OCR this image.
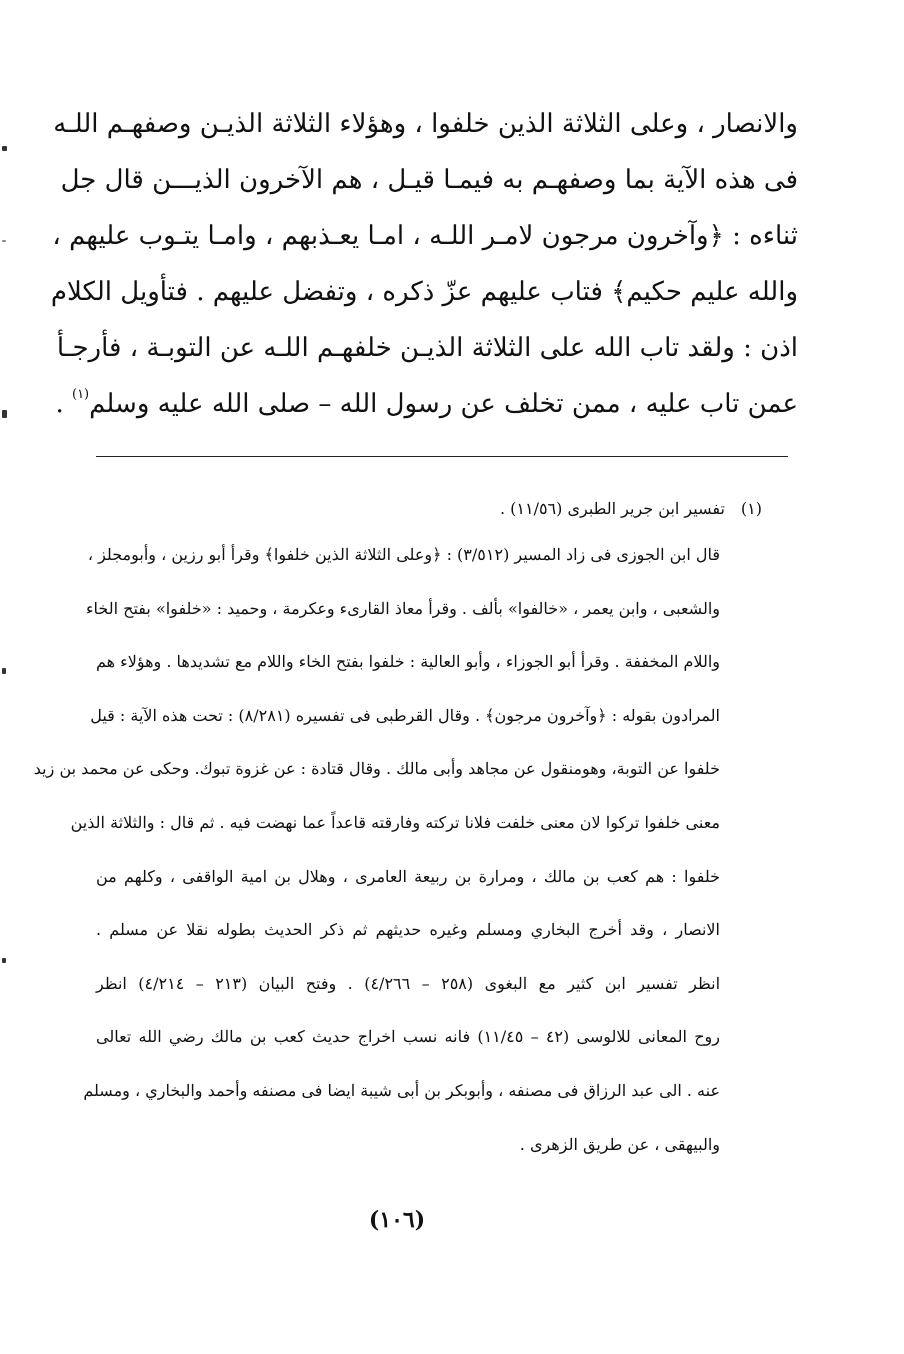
والانصار ، وعلى الثلاثة الذين خلفوا ، وهؤلاء الثلاثة الذيـن وصفهـم اللـه
فى هذه الآية بما وصفهـم به فيمـا قيـل ، هم الآخرون الذيـــن قال جل
ثناءه : ﴿وآخرون مرجون لامـر اللـه ، امـا يعـذبهم ، وامـا يتـوب عليهم ،
والله عليم حكيم﴾ فتاب عليهم عزّ ذكره ، وتفضل عليهم . فتأويل الكلام
اذن : ولقد تاب الله على الثلاثة الذيـن خلفهـم اللـه عن التوبـة ، فأرجـأ
عمن تاب عليه ، ممن تخلف عن رسول الله – صلى الله عليه وسلم$^{(١)}$ .
(١)تفسير ابن جرير الطبرى (١١/٥٦) .
قال ابن الجوزى فى زاد المسير (٣/٥١٢) : ﴿وعلى الثلاثة الذين خلفوا﴾ وقرأ أبو رزين ، وأبومجلز ،
والشعبى ، وابن يعمر ، «خالفوا» بألف . وقرأ معاذ القارىء وعكرمة ، وحميد : «خلفوا» بفتح الخاء
واللام المخففة . وقرأ أبو الجوزاء ، وأبو العالية : خلفوا بفتح الخاء واللام مع تشديدها . وهؤلاء هم
المرادون بقوله : ﴿وآخرون مرجون﴾ . وقال القرطبى فى تفسيره (٨/٢٨١) : تحت هذه الآية : قيل
خلفوا عن التوبة، وهومنقول عن مجاهد وأبى مالك . وقال قتادة : عن غزوة تبوك. وحكى عن محمد بن زيد
معنى خلفوا تركوا لان معنى خلفت فلانا تركته وفارقته قاعداً عما نهضت فيه . ثم قال : والثلاثة الذين
خلفوا : هم كعب بن مالك ، ومرارة بن ربيعة العامرى ، وهلال بن امية الواقفى ، وكلهم من
الانصار ، وقد أخرج البخاري ومسلم وغيره حديثهم ثم ذكر الحديث بطوله نقلا عن مسلم .
انظر تفسير ابن كثير مع البغوى (٢٥٨ – ٤/٢٦٦) . وفتح البيان (٢١٣ – ٤/٢١٤) انظر
روح المعانى للالوسى (٤٢ – ١١/٤٥) فانه نسب اخراج حديث كعب بن مالك رضي الله تعالى
عنه . الى عبد الرزاق فى مصنفه ، وأبوبكر بن أبى شيبة ايضا فى مصنفه وأحمد والبخاري ، ومسلم
والبيهقى ، عن طريق الزهرى .
(١٠٦)
